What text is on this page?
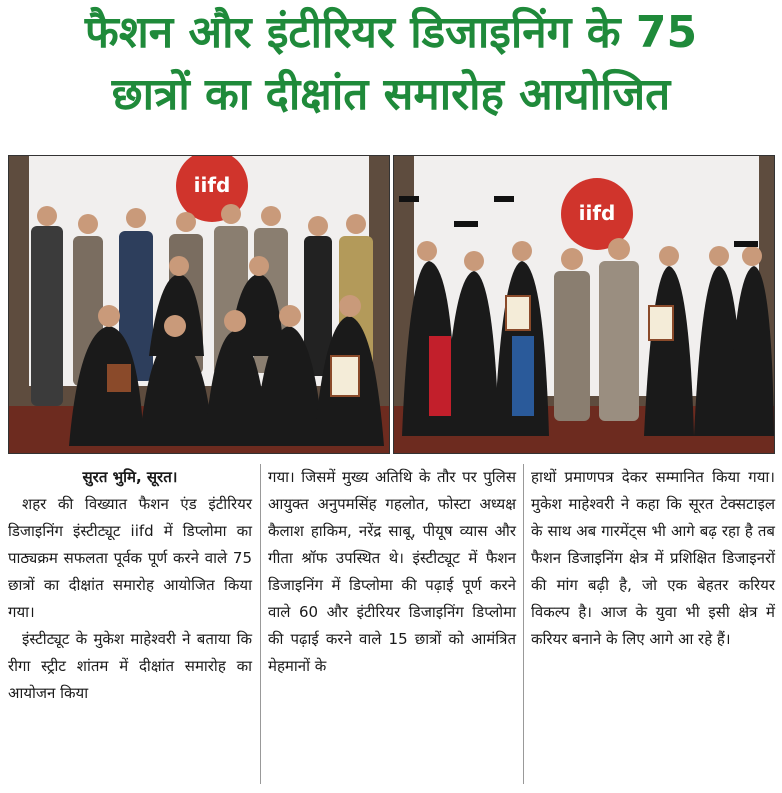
फैशन और इंटीरियर डिजाइनिंग के 75
छात्रों का दीक्षांत समारोह आयोजित
iifd
iifd

सुरत भुमि, सूरत।

शहर की विख्यात फैशन एंड इंटीरियर डिजाइनिंग इंस्टीट्यूट iifd में डिप्लोमा का पाठ्यक्रम सफलता पूर्वक पूर्ण करने वाले 75 छात्रों का दीक्षांत समारोह आयोजित किया गया।

इंस्टीट्यूट के मुकेश माहेश्वरी ने बताया कि रीगा स्ट्रीट शांतम में दीक्षांत समारोह का आयोजन किया

गया। जिसमें मुख्य अतिथि के तौर पर पुलिस आयुक्त अनुपमसिंह गहलोत, फोस्टा अध्यक्ष कैलाश हाकिम, नरेंद्र साबू, पीयूष व्यास और गीता श्रॉफ उपस्थित थे। इंस्टीट्यूट में फैशन डिजाइनिंग में डिप्लोमा की पढ़ाई पूर्ण करने वाले 60 और इंटीरियर डिजाइनिंग डिप्लोमा की पढ़ाई करने वाले 15 छात्रों को आमंत्रित मेहमानों के

हाथों प्रमाणपत्र देकर सम्मानित किया गया। मुकेश माहेश्वरी ने कहा कि सूरत टेक्सटाइल के साथ अब गारमेंट्स भी आगे बढ़ रहा है तब फैशन डिजाइनिंग क्षेत्र में प्रशिक्षित डिजाइनरों की मांग बढ़ी है, जो एक बेहतर करियर विकल्प है। आज के युवा भी इसी क्षेत्र में करियर बनाने के लिए आगे आ रहे हैं।
